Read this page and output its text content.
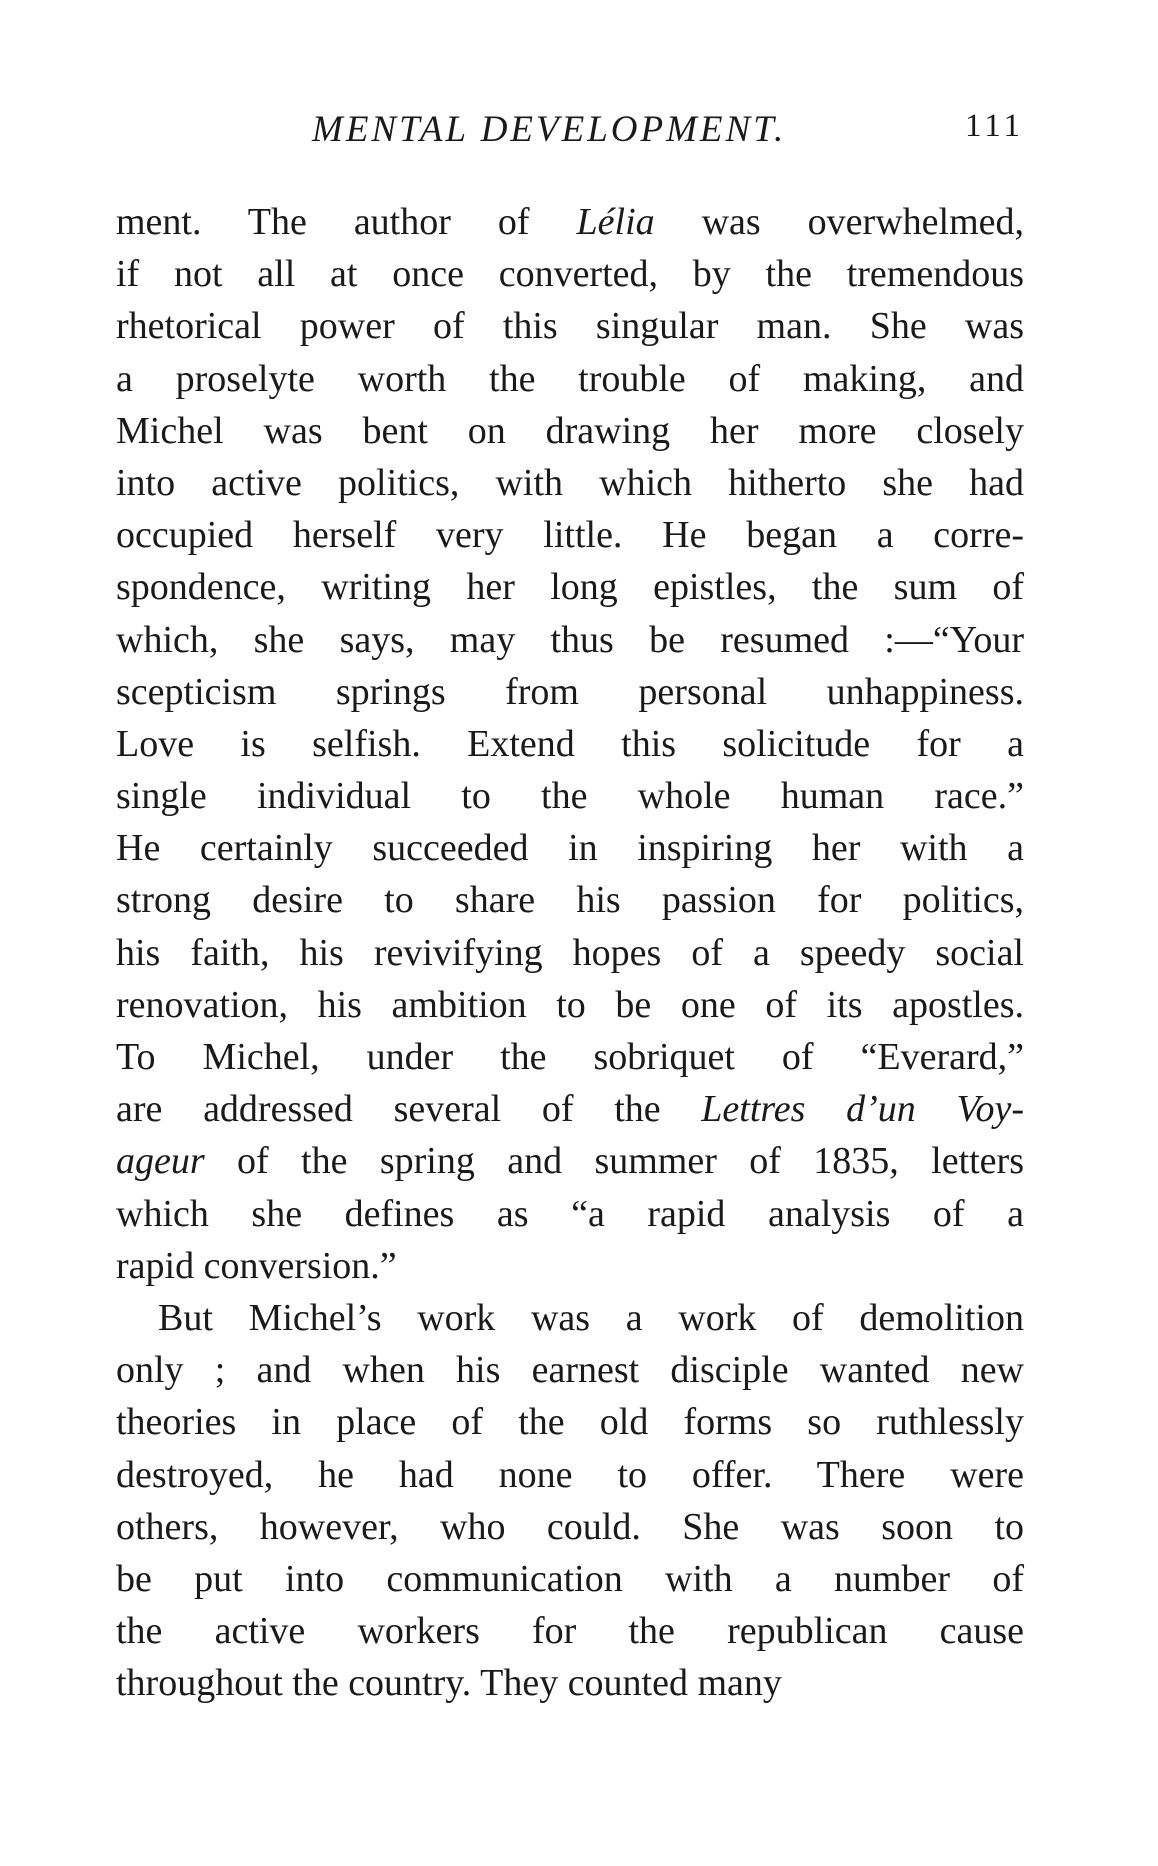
MENTAL DEVELOPMENT.	111
ment. The author of Lélia was overwhelmed,
if not all at once converted, by the tremendous
rhetorical power of this singular man. She was
a proselyte worth the trouble of making, and
Michel was bent on drawing her more closely
into active politics, with which hitherto she had
occupied herself very little. He began a corre-
spondence, writing her long epistles, the sum of
which, she says, may thus be resumed :—“Your
scepticism springs from personal unhappiness.
Love is selfish. Extend this solicitude for a
single individual to the whole human race.”
He certainly succeeded in inspiring her with a
strong desire to share his passion for politics,
his faith, his revivifying hopes of a speedy social
renovation, his ambition to be one of its apostles.
To Michel, under the sobriquet of “Everard,”
are addressed several of the Lettres d’un Voy-
ageur of the spring and summer of 1835, letters
which she defines as “a rapid analysis of a
rapid conversion.”
But Michel’s work was a work of demolition
only ; and when his earnest disciple wanted new
theories in place of the old forms so ruthlessly
destroyed, he had none to offer. There were
others, however, who could. She was soon to
be put into communication with a number of
the active workers for the republican cause
throughout the country. They counted many
